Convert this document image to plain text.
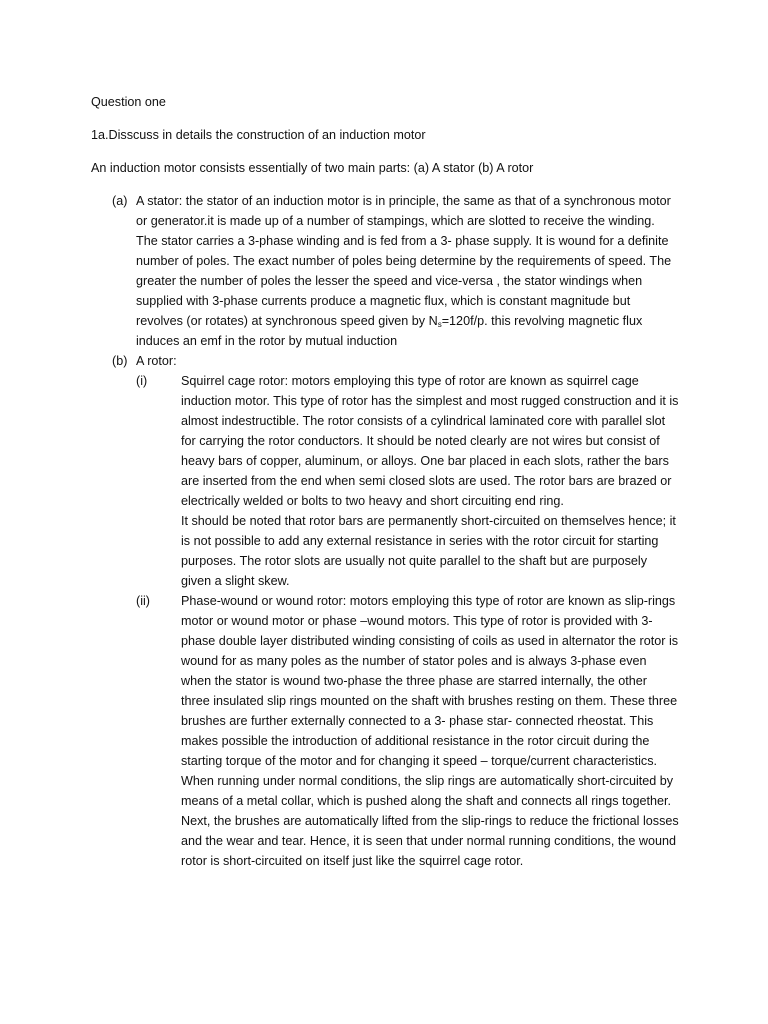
Question one
1a.Disscuss in details the construction of an induction motor
An induction motor consists essentially of two main parts: (a) A stator (b) A rotor
(a) A stator: the stator of an induction motor is in principle, the same as that of a synchronous motor or generator.it is made up of a number of stampings, which are slotted to receive the winding. The stator carries a 3-phase winding and is fed from a 3- phase supply. It is wound for a definite number of poles. The exact number of poles being determine by the requirements of speed. The greater the number of poles the lesser the speed and vice-versa , the stator windings when supplied with 3-phase currents produce a magnetic flux, which is constant magnitude but revolves (or rotates) at synchronous speed given by $N_s=120f/p$. this revolving magnetic flux induces an emf in the rotor by mutual induction

(b) A rotor:
(i)	Squirrel cage rotor: motors employing this type of rotor are known as squirrel cage induction motor. This type of rotor has the simplest and most rugged construction and it is almost indestructible. The rotor consists of a cylindrical laminated core with parallel slot for carrying the rotor conductors. It should be noted clearly are not wires but consist of heavy bars of copper, aluminum, or alloys. One bar placed in each slots, rather the bars are inserted from the end when semi closed slots are used. The rotor bars are brazed or electrically welded or bolts to two heavy and short circuiting end ring.

It should be noted that rotor bars are permanently short-circuited on themselves hence; it is not possible to add any external resistance in series with the rotor circuit for starting purposes. The rotor slots are usually not quite parallel to the shaft but are purposely given a slight skew.

(ii) Phase-wound or wound rotor: motors employing this type of rotor are known as slip-rings motor or wound motor or phase –wound motors. This type of rotor is provided with 3-phase double layer distributed winding consisting of coils as used in alternator the rotor is wound for as many poles as the number of stator poles and is always 3-phase even when the stator is wound two-phase the three phase are starred internally, the other three insulated slip rings mounted on the shaft with brushes resting on them. These three brushes are further externally connected to a 3- phase star- connected rheostat. This makes possible the introduction of additional resistance in the rotor circuit during the starting torque of the motor and for changing it speed – torque/current characteristics.

When running under normal conditions, the slip rings are automatically short-circuited by means of a metal collar, which is pushed along the shaft and connects all rings together. Next, the brushes are automatically lifted from the slip-rings to reduce the frictional losses and the wear and tear. Hence, it is seen that under normal running conditions, the wound rotor is short-circuited on itself just like the squirrel cage rotor.
